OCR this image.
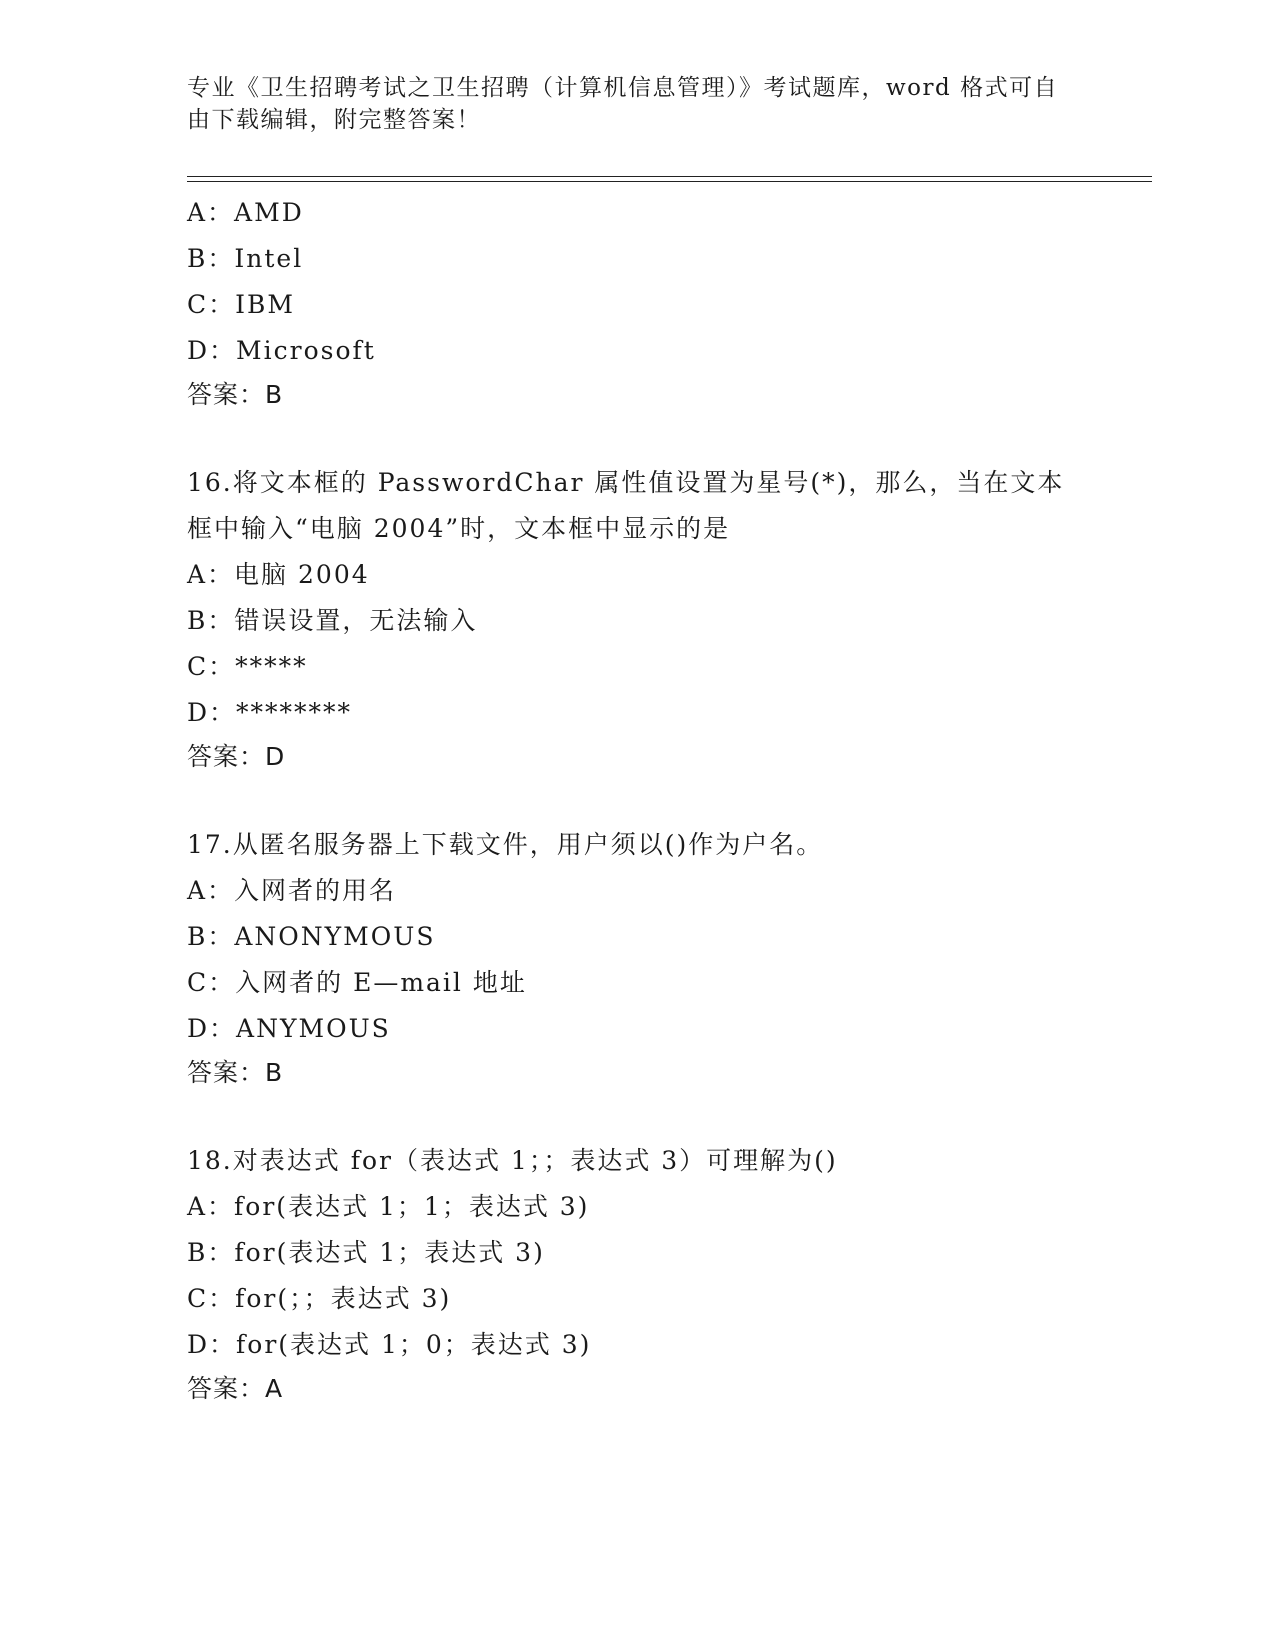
专业《卫生招聘考试之卫生招聘（计算机信息管理）》考试题库，word 格式可自
由下载编辑，附完整答案！
A：AMD
B：Intel
C：IBM
D：Microsoft
答案：B
16.将文本框的 PasswordChar 属性值设置为星号(*)，那么，当在文本
框中输入“电脑 2004”时，文本框中显示的是
A：电脑 2004
B：错误设置，无法输入
C：*****
D：********
答案：D
17.从匿名服务器上下载文件，用户须以()作为户名。
A：入网者的用名
B：ANONYMOUS
C：入网者的 E—mail 地址
D：ANYMOUS
答案：B
18.对表达式 for（表达式 1；；表达式 3）可理解为()
A：for(表达式 1；1；表达式 3)
B：for(表达式 1；表达式 3)
C：for(；；表达式 3)
D：for(表达式 1；0；表达式 3)
答案：A
